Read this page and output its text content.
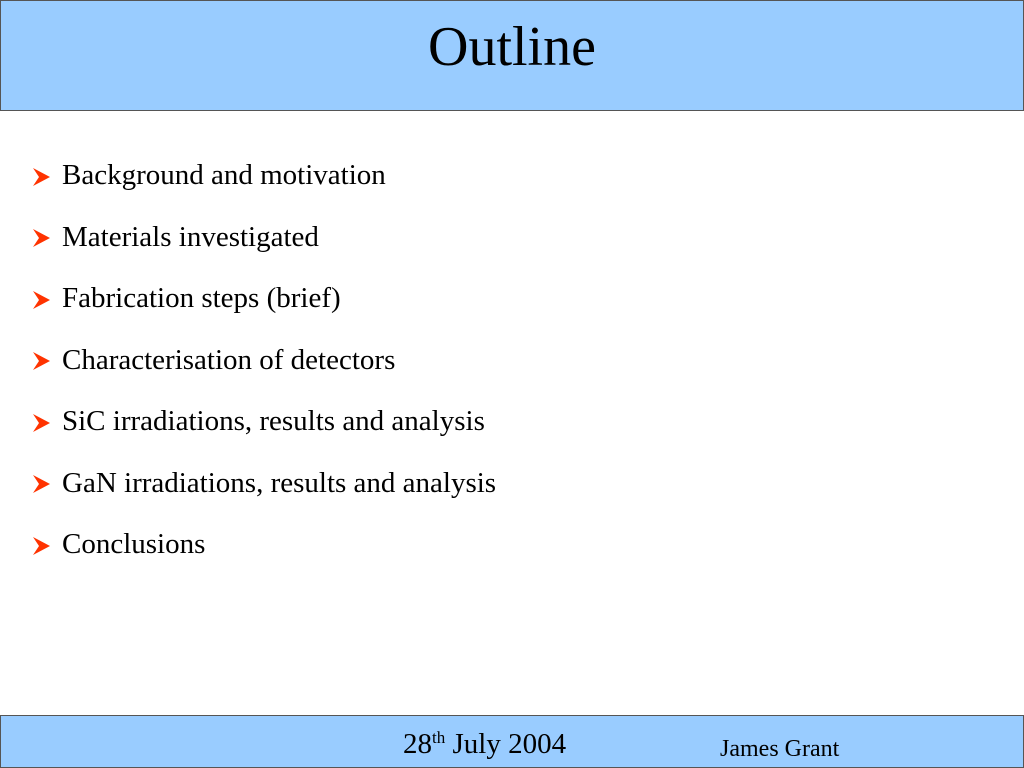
Outline
Background and motivation
Materials investigated
Fabrication steps (brief)
Characterisation of detectors
SiC irradiations, results and analysis
GaN irradiations, results and analysis
Conclusions
28th July 2004	James Grant
